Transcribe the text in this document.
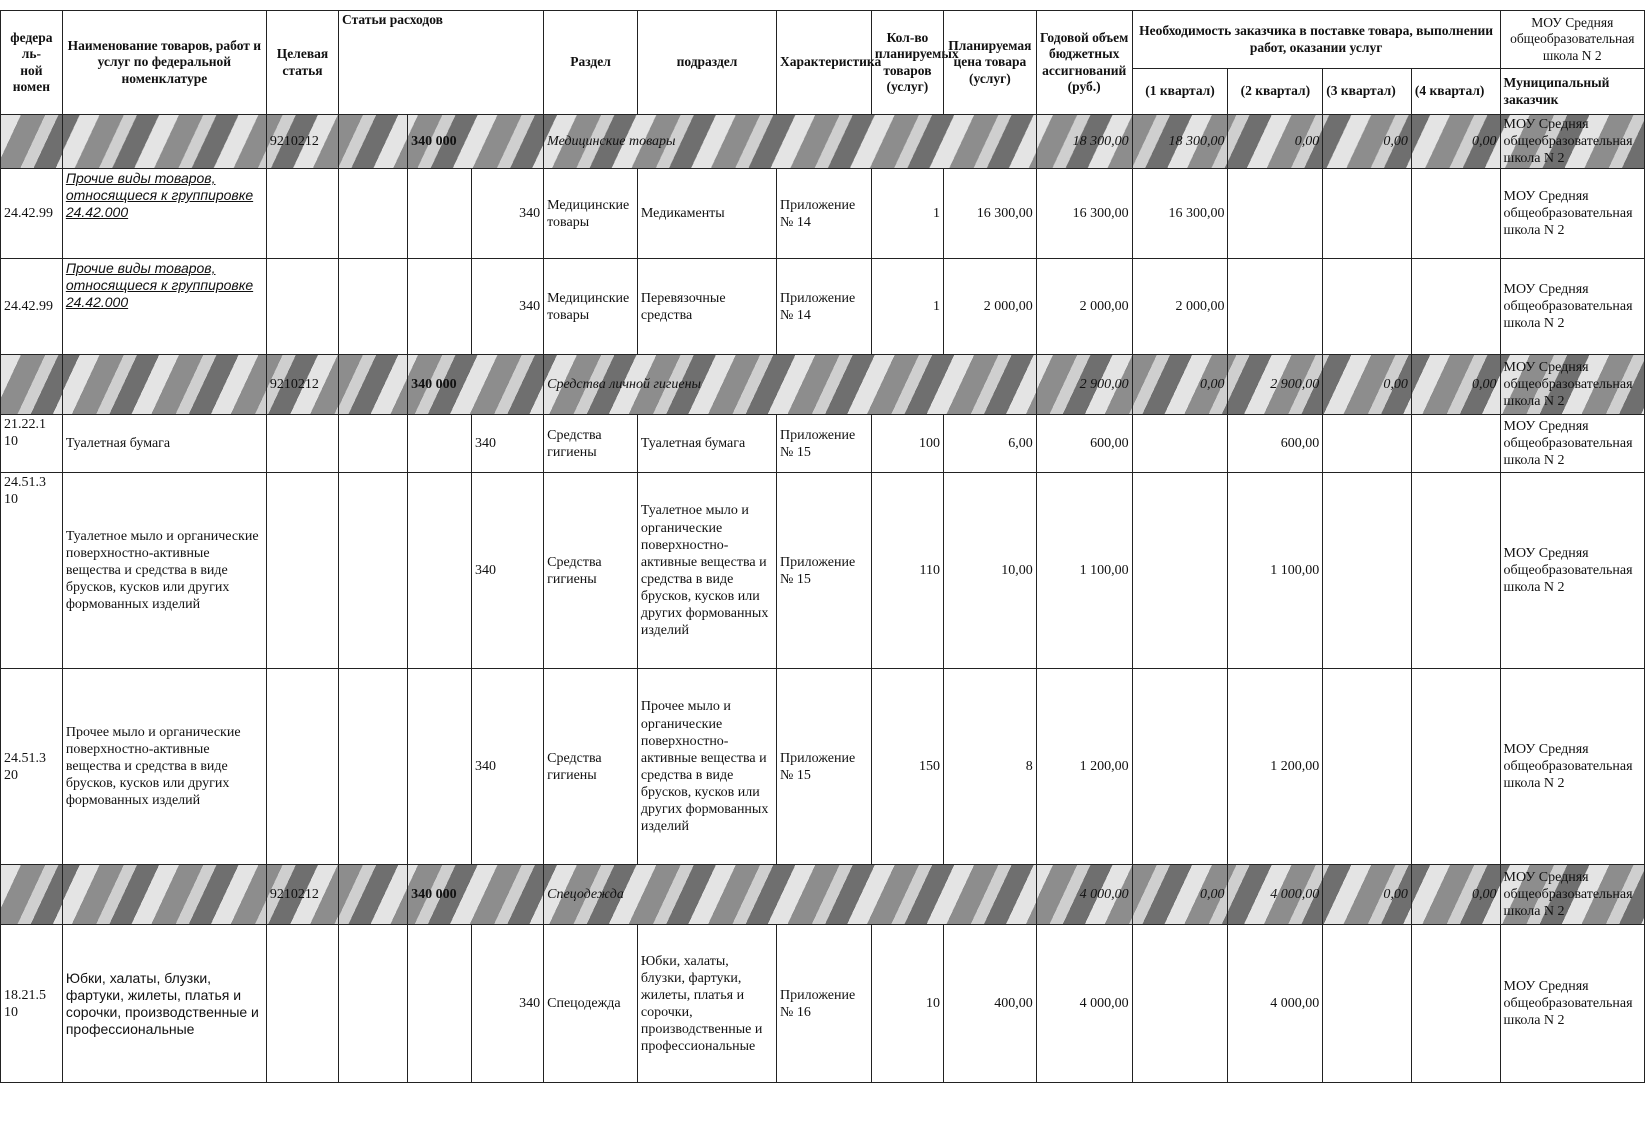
федера
ль-
ной
номен	Наименование товаров, работ и услуг по федеральной номенклатуре	Целевая статья	Статьи расходов			Раздел	подраздел	Характеристика	Кол-во планируемых товаров (услуг)	Планируемая цена товара (услуг)	Годовой объем бюджетных ассигнований (руб.)	Необходимость заказчика в поставке товара, выполнении работ, оказании услуг				МОУ Средняя общеобразовательная школа N 2
												(1 квартал)	(2 квартал)	(3 квартал)	(4 квартал)	Муниципальный заказчик
		9210212		340 000		Медицинские товары					18 300,00	18 300,00	0,00	0,00	0,00	МОУ Средняя общеобразовательная школа N 2
24.42.99	Прочие виды товаров, относящиеся к группировке 24.42.000				340	Медицинские товары	Медикаменты	Приложение № 14	1	16 300,00	16 300,00	16 300,00				МОУ Средняя общеобразовательная школа N 2
24.42.99	Прочие виды товаров, относящиеся к группировке 24.42.000				340	Медицинские товары	Перевязочные средства	Приложение № 14	1	2 000,00	2 000,00	2 000,00				МОУ Средняя общеобразовательная школа N 2
		9210212		340 000		Средства личной гигиены					2 900,00	0,00	2 900,00	0,00	0,00	МОУ Средняя общеобразовательная школа N 2
21.22.1 10	Туалетная бумага				340	Средства гигиены	Туалетная бумага	Приложение № 15	100	6,00	600,00		600,00			МОУ Средняя общеобразовательная школа N 2
24.51.3 10	Туалетное мыло и органические поверхностно-активные вещества и средства в виде брусков, кусков или других формованных изделий				340	Средства гигиены	Туалетное мыло и органические поверхностно-активные вещества и средства в виде брусков, кусков или других формованных изделий	Приложение № 15	110	10,00	1 100,00		1 100,00			МОУ Средняя общеобразовательная школа N 2
24.51.3 20	Прочее мыло и органические поверхностно-активные вещества и средства в виде брусков, кусков или других формованных изделий				340	Средства гигиены	Прочее мыло и органические поверхностно-активные вещества и средства в виде брусков, кусков или других формованных изделий	Приложение № 15	150	8	1 200,00		1 200,00			МОУ Средняя общеобразовательная школа N 2
		9210212		340 000		Спецодежда					4 000,00	0,00	4 000,00	0,00	0,00	МОУ Средняя общеобразовательная школа N 2
18.21.5 10	Юбки, халаты, блузки, фартуки, жилеты, платья и сорочки, производственные и профессиональные				340	Спецодежда	Юбки, халаты, блузки, фартуки, жилеты, платья и сорочки, производственные и профессиональные	Приложение № 16	10	400,00	4 000,00		4 000,00			МОУ Средняя общеобразовательная школа N 2
